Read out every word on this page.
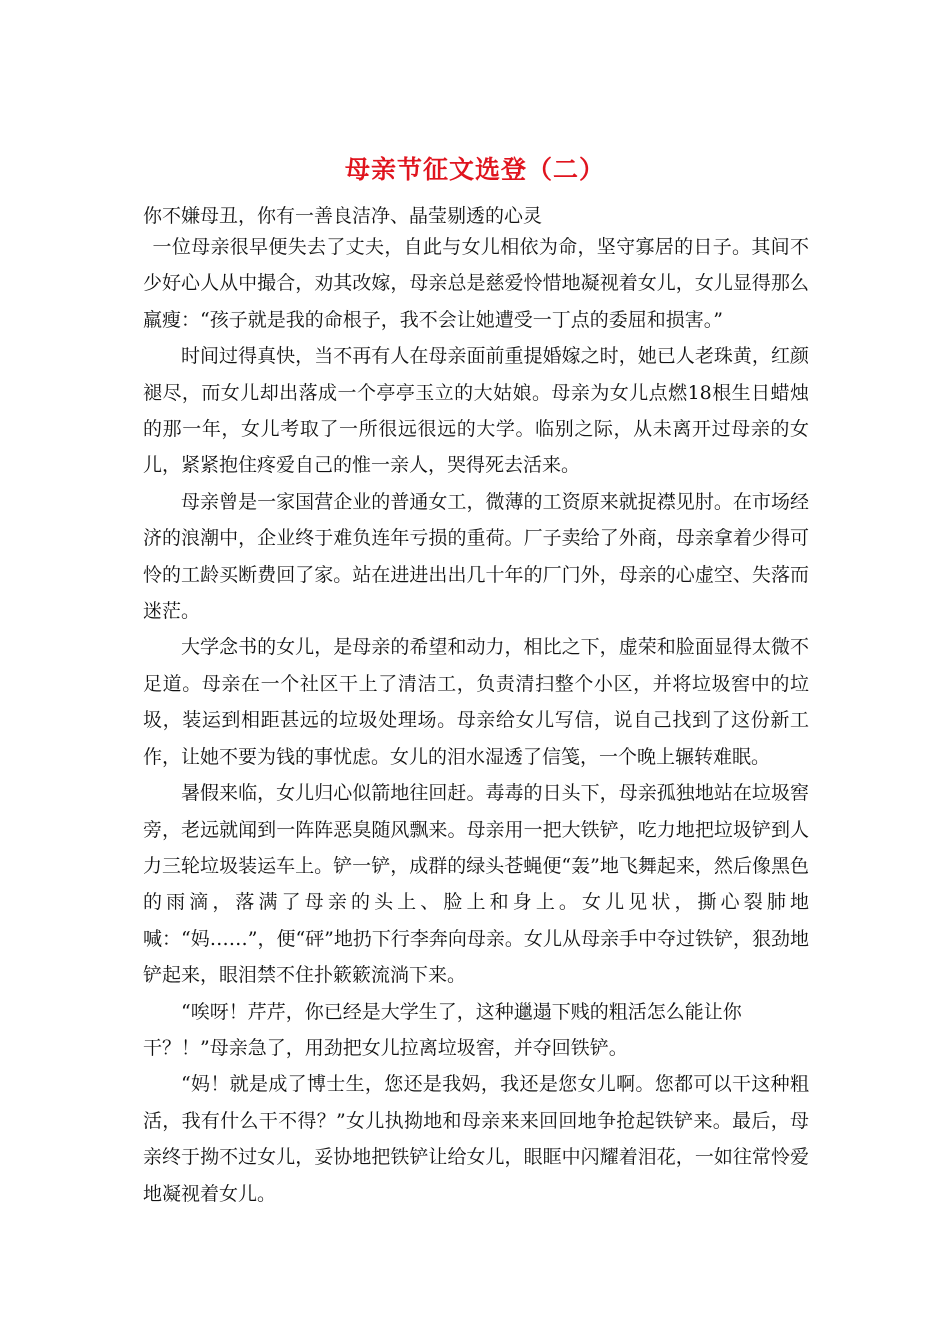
母亲节征文选登（二）
你不嫌母丑，你有一善良洁净、晶莹剔透的心灵

一位母亲很早便失去了丈夫，自此与女儿相依为命，坚守寡居的日子。其间不少好心人从中撮合，劝其改嫁，母亲总是慈爱怜惜地凝视着女儿，女儿显得那么羸瘦：“孩子就是我的命根子，我不会让她遭受一丁点的委屈和损害。”

时间过得真快，当不再有人在母亲面前重提婚嫁之时，她已人老珠黄，红颜褪尽，而女儿却出落成一个亭亭玉立的大姑娘。母亲为女儿点燃18根生日蜡烛的那一年，女儿考取了一所很远很远的大学。临别之际，从未离开过母亲的女儿，紧紧抱住疼爱自己的惟一亲人，哭得死去活来。

母亲曾是一家国营企业的普通女工，微薄的工资原来就捉襟见肘。在市场经济的浪潮中，企业终于难负连年亏损的重荷。厂子卖给了外商，母亲拿着少得可怜的工龄买断费回了家。站在进进出出几十年的厂门外，母亲的心虚空、失落而迷茫。

大学念书的女儿，是母亲的希望和动力，相比之下，虚荣和脸面显得太微不足道。母亲在一个社区干上了清洁工，负责清扫整个小区，并将垃圾窖中的垃圾，装运到相距甚远的垃圾处理场。母亲给女儿写信，说自己找到了这份新工作，让她不要为钱的事忧虑。女儿的泪水湿透了信笺，一个晚上辗转难眠。

暑假来临，女儿归心似箭地往回赶。毒毒的日头下，母亲孤独地站在垃圾窖旁，老远就闻到一阵阵恶臭随风飘来。母亲用一把大铁铲，吃力地把垃圾铲到人力三轮垃圾装运车上。铲一铲，成群的绿头苍蝇便“轰”地飞舞起来，然后像黑色的雨滴，落满了母亲的头上、脸上和身上。女儿见状，撕心裂肺地喊：“妈……”，便“砰”地扔下行李奔向母亲。女儿从母亲手中夺过铁铲，狠劲地铲起来，眼泪禁不住扑簌簌流淌下来。

“唉呀！芹芹，你已经是大学生了，这种邋遢下贱的粗活怎么能让你

干？！”母亲急了，用劲把女儿拉离垃圾窖，并夺回铁铲。

“妈！就是成了博士生，您还是我妈，我还是您女儿啊。您都可以干这种粗活，我有什么干不得？”女儿执拗地和母亲来来回回地争抢起铁铲来。最后，母亲终于拗不过女儿，妥协地把铁铲让给女儿，眼眶中闪耀着泪花，一如往常怜爱地凝视着女儿。
